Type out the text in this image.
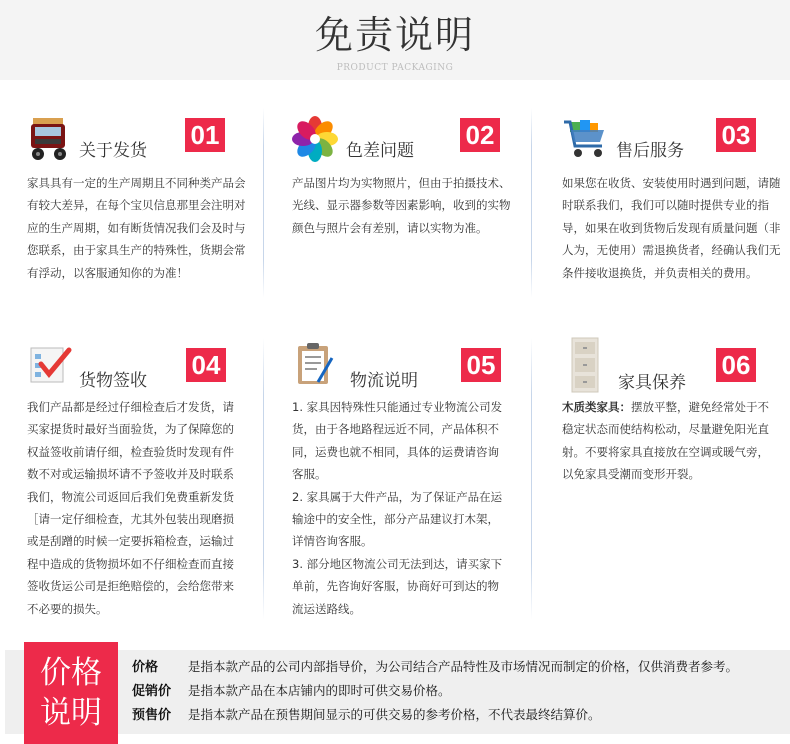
免责说明
PRODUCT PACKAGING
关于发货
01

家具具有一定的生产周期且不同种类产品会有较大差异，在每个宝贝信息那里会注明对应的生产周期，如有断货情况我们会及时与您联系，由于家具生产的特殊性，货期会常有浮动，以客服通知你的为准！

色差问题
02

产品图片均为实物照片，但由于拍摄技术、光线、显示器参数等因素影响，收到的实物颜色与照片会有差别，请以实物为准。

售后服务
03

如果您在收货、安装使用时遇到问题，请随时联系我们，我们可以随时提供专业的指导，如果在收到货物后发现有质量问题（非人为，无使用）需退换货者，经确认我们无条件接收退换货，并负责相关的费用。

货物签收
04

我们产品都是经过仔细检查后才发货，请买家提货时最好当面验货，为了保障您的权益签收前请仔细，检查验货时发现有件数不对或运输损坏请不予签收并及时联系我们，物流公司返回后我们免费重新发货［请一定仔细检查，尤其外包装出现磨损或是刮蹭的时候一定要拆箱检查，运输过程中造成的货物损坏如不仔细检查而直接签收货运公司是拒绝赔偿的，会给您带来不必要的损失。

物流说明
05

1. 家具因特殊性只能通过专业物流公司发货，由于各地路程远近不同，产品体积不同，运费也就不相同，具体的运费请咨询客服。

2. 家具属于大件产品，为了保证产品在运输途中的安全性，部分产品建议打木架，详情咨询客服。

3. 部分地区物流公司无法到达，请买家下单前，先咨询好客服，协商好可到达的物流运送路线。

家具保养
06

木质类家具：摆放平整，避免经常处于不稳定状态而使结构松动，尽量避免阳光直射。不要将家具直接放在空调或暖气旁，以免家具受潮而变形开裂。

价格
说明
价格 是指本款产品的公司内部指导价，为公司结合产品特性及市场情况而制定的价格，仅供消费者参考。
促销价 是指本款产品在本店铺内的即时可供交易价格。
预售价 是指本款产品在预售期间显示的可供交易的参考价格，不代表最终结算价。
